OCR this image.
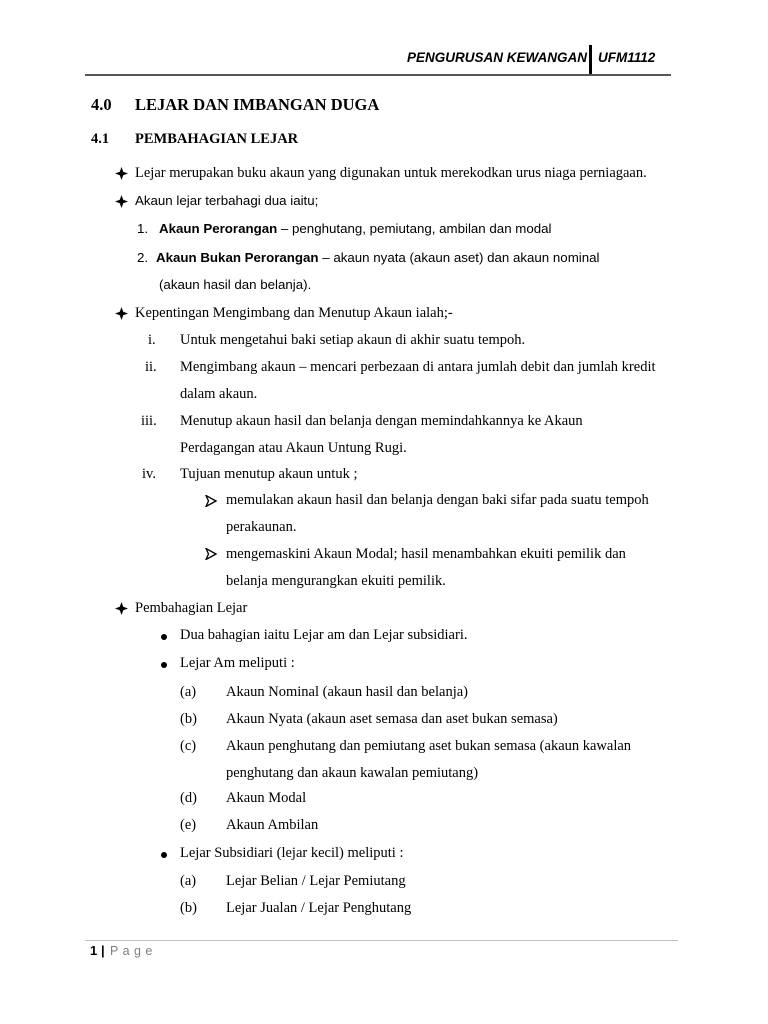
PENGURUSAN KEWANGAN UFM1112
4.0 LEJAR DAN IMBANGAN DUGA
4.1 PEMBAHAGIAN LEJAR
Lejar merupakan buku akaun yang digunakan untuk merekodkan urus niaga perniagaan.
Akaun lejar terbahagi dua iaitu;
1. Akaun Perorangan – penghutang, pemiutang, ambilan dan modal
2. Akaun Bukan Perorangan – akaun nyata (akaun aset) dan akaun nominal
(akaun hasil dan belanja).
Kepentingan Mengimbang dan Menutup Akaun ialah;-
i. Untuk mengetahui baki setiap akaun di akhir suatu tempoh.
ii. Mengimbang akaun – mencari perbezaan di antara jumlah debit dan jumlah kredit
dalam akaun.
iii. Menutup akaun hasil dan belanja dengan memindahkannya ke Akaun
Perdagangan atau Akaun Untung Rugi.
iv. Tujuan menutup akaun untuk ;
memulakan akaun hasil dan belanja dengan baki sifar pada suatu tempoh
perakaunan.
mengemaskini Akaun Modal; hasil menambahkan ekuiti pemilik dan
belanja mengurangkan ekuiti pemilik.
Pembahagian Lejar
Dua bahagian iaitu Lejar am dan Lejar subsidiari.
Lejar Am meliputi :
(a) Akaun Nominal (akaun hasil dan belanja)
(b) Akaun Nyata (akaun aset semasa dan aset bukan semasa)
(c) Akaun penghutang dan pemiutang aset bukan semasa (akaun kawalan
penghutang dan akaun kawalan pemiutang)
(d) Akaun Modal
(e) Akaun Ambilan
Lejar Subsidiari (lejar kecil) meliputi :
(a) Lejar Belian / Lejar Pemiutang
(b) Lejar Jualan / Lejar Penghutang
1 | P a g e
